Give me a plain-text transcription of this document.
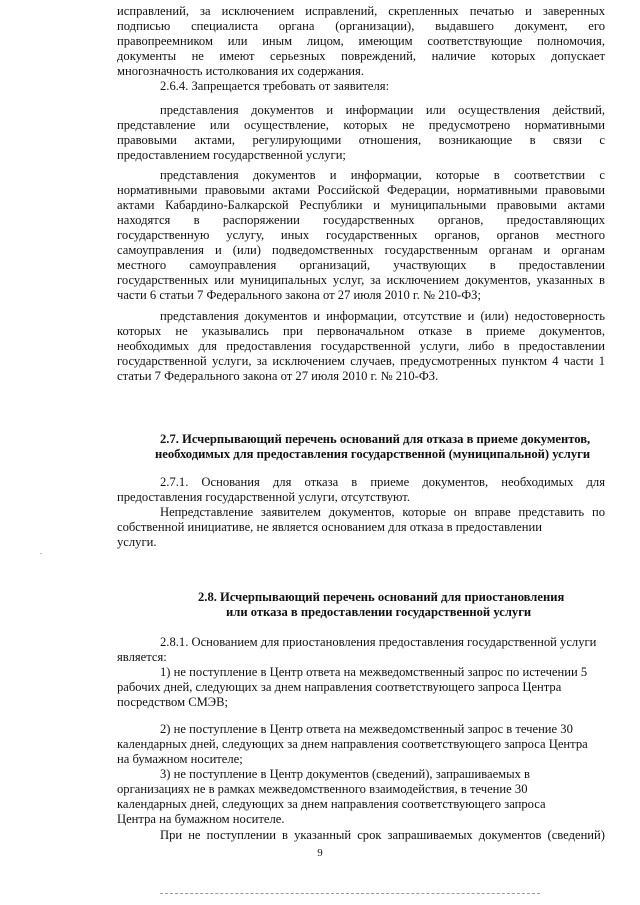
исправлений, за исключением исправлений, скрепленных печатью и заверенных
подписью специалиста органа (организации), выдавшего документ, его
правопреемником или иным лицом, имеющим соответствующие полномочия,
документы не имеют серьезных повреждений, наличие которых допускает
многозначность истолкования их содержания.
2.6.4. Запрещается требовать от заявителя:
представления документов и информации или осуществления действий,
представление или осуществление, которых не предусмотрено нормативными
правовыми актами, регулирующими отношения, возникающие в связи с
предоставлением государственной услуги;
представления документов и информации, которые в соответствии с
нормативными правовыми актами Российской Федерации, нормативными правовыми
актами Кабардино-Балкарской Республики и муниципальными правовыми актами
находятся в распоряжении государственных органов, предоставляющих
государственную услугу, иных государственных органов, органов местного
самоуправления и (или) подведомственных государственным органам и органам
местного самоуправления организаций, участвующих в предоставлении
государственных или муниципальных услуг, за исключением документов, указанных в
части 6 статьи 7 Федерального закона от 27 июля 2010 г. № 210-ФЗ;
представления документов и информации, отсутствие и (или) недостоверность
которых не указывались при первоначальном отказе в приеме документов,
необходимых для предоставления государственной услуги, либо в предоставлении
государственной услуги, за исключением случаев, предусмотренных пунктом 4 части 1
статьи 7 Федерального закона от 27 июля 2010 г. № 210-ФЗ.
2.7.1. Основания для отказа в приеме документов, необходимых для
предоставления государственной услуги, отсутствуют.
Непредставление заявителем документов, которые он вправе представить по
собственной инициативе, не является основанием для отказа в предоставлении
услуги.
2.8.1. Основанием для приостановления предоставления государственной услуги
является:
1) не поступление в Центр ответа на межведомственный запрос по истечении 5
рабочих дней, следующих за днем направления соответствующего запроса Центра
посредством СМЭВ;
2) не поступление в Центр ответа на межведомственный запрос в течение 30
календарных дней, следующих за днем направления соответствующего запроса Центра
на бумажном носителе;
3) не поступление в Центр документов (сведений), запрашиваемых в
организациях не в рамках межведомственного взаимодействия, в течение 30
календарных дней, следующих за днем направления соответствующего запроса
Центра на бумажном носителе.
При не поступлении в указанный срок запрашиваемых документов (сведений)
2.7. Исчерпывающий перечень оснований для отказа в приеме документов,
необходимых для предоставления государственной (муниципальной) услуги
2.8. Исчерпывающий перечень оснований для приостановления
или отказа в предоставлении государственной услуги
9
